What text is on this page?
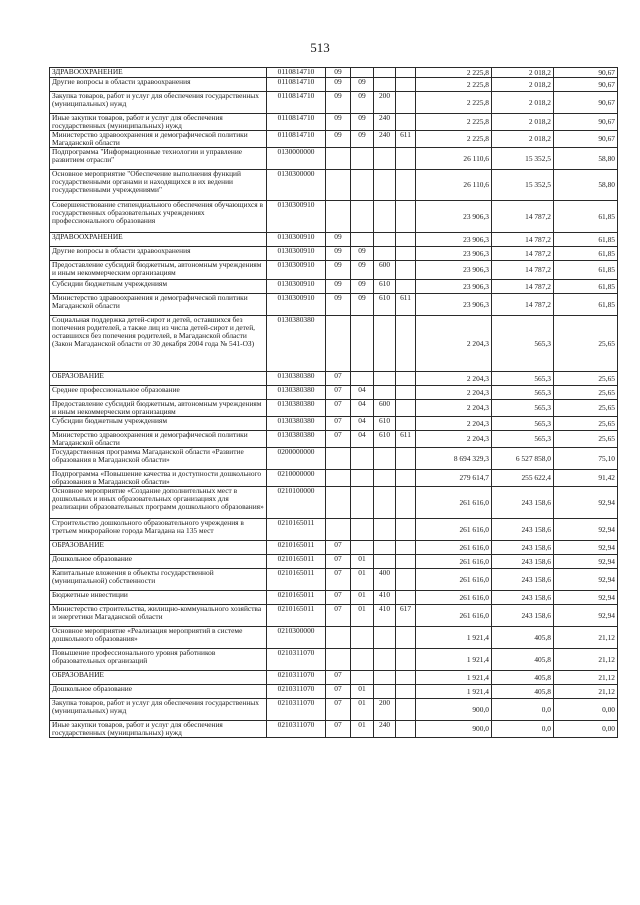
513
ЗДРАВООХРАНЕНИЕ	0110814710	09				2 225,8	2 018,2	90,67
Другие вопросы в области здравоохранения	0110814710	09	09			2 225,8	2 018,2	90,67
Закупка товаров, работ и услуг для обеспечения государственных (муниципальных) нужд	0110814710	09	09	200		2 225,8	2 018,2	90,67
Иные закупки товаров, работ и услуг для обеспечения государственных (муниципальных) нужд	0110814710	09	09	240		2 225,8	2 018,2	90,67
Министерство здравоохранения и демографической политики Магаданской области	0110814710	09	09	240	611	2 225,8	2 018,2	90,67
Подпрограмма "Информационные технологии и управление развитием отрасли"	0130000000					26 110,6	15 352,5	58,80
Основное мероприятие "Обеспечение выполнения функций государственными органами и находящихся в их ведении государственными учреждениями"	0130300000					26 110,6	15 352,5	58,80
Совершенствование стипендиального обеспечения обучающихся в государственных образовательных учреждениях профессионального образования	0130300910					23 906,3	14 787,2	61,85
ЗДРАВООХРАНЕНИЕ	0130300910	09				23 906,3	14 787,2	61,85
Другие вопросы в области здравоохранения	0130300910	09	09			23 906,3	14 787,2	61,85
Предоставление субсидий бюджетным, автономным учреждениям и иным некоммерческим организациям	0130300910	09	09	600		23 906,3	14 787,2	61,85
Субсидии бюджетным учреждениям	0130300910	09	09	610		23 906,3	14 787,2	61,85
Министерство здравоохранения и демографической политики Магаданской области	0130300910	09	09	610	611	23 906,3	14 787,2	61,85
Социальная поддержка детей-сирот и детей, оставшихся без попечения родителей, а также лиц из числа детей-сирот и детей, оставшихся без попечения родителей, в Магаданской области (Закон Магаданской области от 30 декабря 2004 года № 541-ОЗ)	0130380380					2 204,3	565,3	25,65
ОБРАЗОВАНИЕ	0130380380	07				2 204,3	565,3	25,65
Среднее профессиональное образование	0130380380	07	04			2 204,3	565,3	25,65
Предоставление субсидий бюджетным, автономным учреждениям и иным некоммерческим организациям	0130380380	07	04	600		2 204,3	565,3	25,65
Субсидии бюджетным учреждениям	0130380380	07	04	610		2 204,3	565,3	25,65
Министерство здравоохранения и демографической политики Магаданской области	0130380380	07	04	610	611	2 204,3	565,3	25,65
Государственная программа Магаданской области «Развитие образования в Магаданской области»	0200000000					8 694 329,3	6 527 858,0	75,10
Подпрограмма «Повышение качества и доступности дошкольного образования в Магаданской области»	0210000000					279 614,7	255 622,4	91,42
Основное мероприятие «Создание дополнительных мест в дошкольных и иных образовательных организациях для реализации образовательных программ дошкольного образования»	0210100000					261 616,0	243 158,6	92,94
Строительство дошкольного образовательного учреждения в третьем микрорайоне города Магадана на 135 мест	0210165011					261 616,0	243 158,6	92,94
ОБРАЗОВАНИЕ	0210165011	07				261 616,0	243 158,6	92,94
Дошкольное образование	0210165011	07	01			261 616,0	243 158,6	92,94
Капитальные вложения в объекты государственной (муниципальной) собственности	0210165011	07	01	400		261 616,0	243 158,6	92,94
Бюджетные инвестиции	0210165011	07	01	410		261 616,0	243 158,6	92,94
Министерство строительства, жилищно-коммунального хозяйства и энергетики Магаданской области	0210165011	07	01	410	617	261 616,0	243 158,6	92,94
Основное мероприятие «Реализация мероприятий в системе дошкольного образования»	0210300000					1 921,4	405,8	21,12
Повышение профессионального уровня работников образовательных организаций	0210311070					1 921,4	405,8	21,12
ОБРАЗОВАНИЕ	0210311070	07				1 921,4	405,8	21,12
Дошкольное образование	0210311070	07	01			1 921,4	405,8	21,12
Закупка товаров, работ и услуг для обеспечения государственных (муниципальных) нужд	0210311070	07	01	200		900,0	0,0	0,00
Иные закупки товаров, работ и услуг для обеспечения государственных (муниципальных) нужд	0210311070	07	01	240		900,0	0,0	0,00
